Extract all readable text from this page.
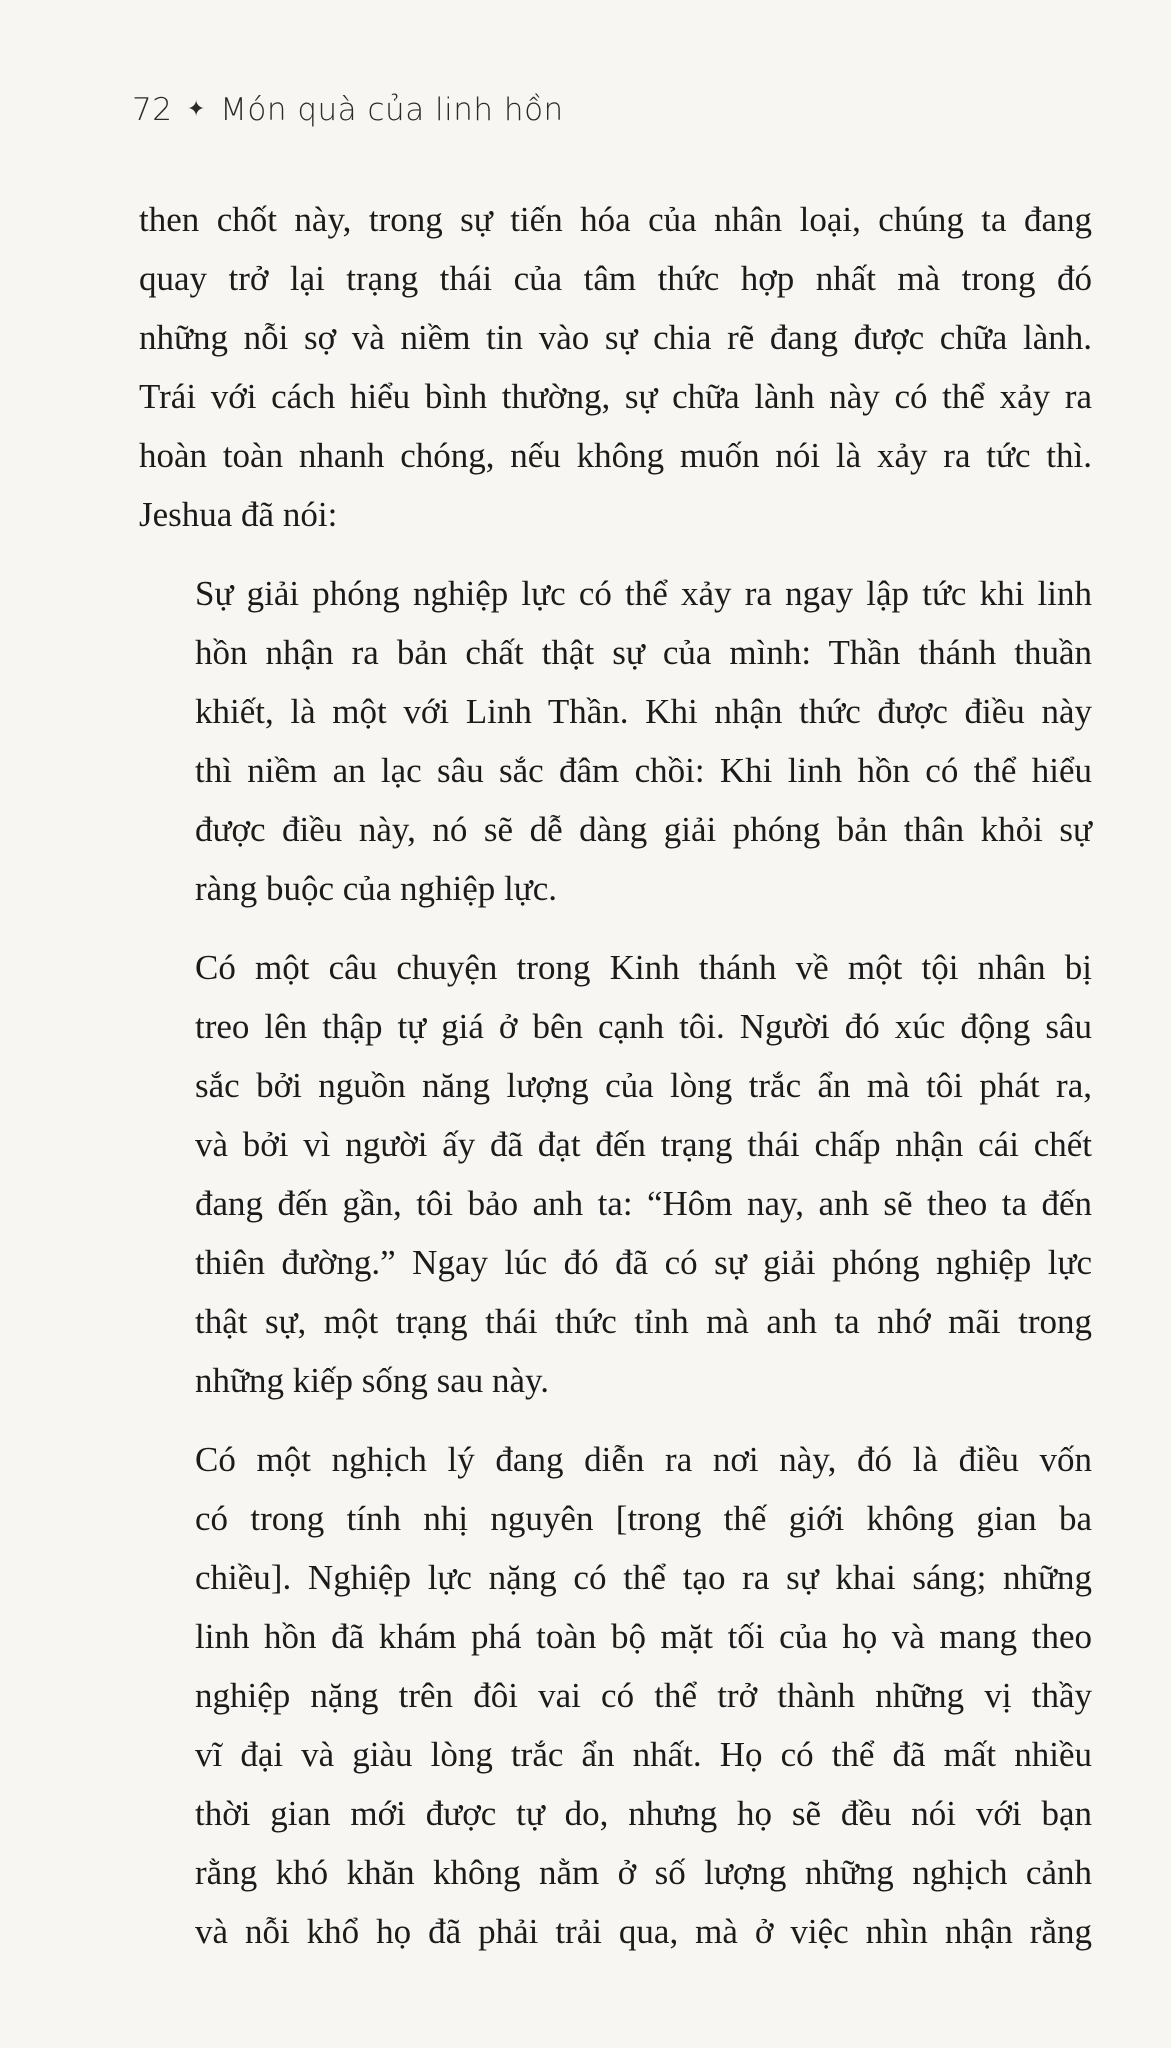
72 ✦ Món quà của linh hồn

then chốt này, trong sự tiến hóa của nhân loại, chúng ta đang
quay trở lại trạng thái của tâm thức hợp nhất mà trong đó
những nỗi sợ và niềm tin vào sự chia rẽ đang được chữa lành.
Trái với cách hiểu bình thường, sự chữa lành này có thể xảy ra
hoàn toàn nhanh chóng, nếu không muốn nói là xảy ra tức thì.
Jeshua đã nói:

Sự giải phóng nghiệp lực có thể xảy ra ngay lập tức khi linh
hồn nhận ra bản chất thật sự của mình: Thần thánh thuần
khiết, là một với Linh Thần. Khi nhận thức được điều này
thì niềm an lạc sâu sắc đâm chồi: Khi linh hồn có thể hiểu
được điều này, nó sẽ dễ dàng giải phóng bản thân khỏi sự
ràng buộc của nghiệp lực.

Có một câu chuyện trong Kinh thánh về một tội nhân bị
treo lên thập tự giá ở bên cạnh tôi. Người đó xúc động sâu
sắc bởi nguồn năng lượng của lòng trắc ẩn mà tôi phát ra,
và bởi vì người ấy đã đạt đến trạng thái chấp nhận cái chết
đang đến gần, tôi bảo anh ta: “Hôm nay, anh sẽ theo ta đến
thiên đường.” Ngay lúc đó đã có sự giải phóng nghiệp lực
thật sự, một trạng thái thức tỉnh mà anh ta nhớ mãi trong
những kiếp sống sau này.

Có một nghịch lý đang diễn ra nơi này, đó là điều vốn
có trong tính nhị nguyên [trong thế giới không gian ba
chiều]. Nghiệp lực nặng có thể tạo ra sự khai sáng; những
linh hồn đã khám phá toàn bộ mặt tối của họ và mang theo
nghiệp nặng trên đôi vai có thể trở thành những vị thầy
vĩ đại và giàu lòng trắc ẩn nhất. Họ có thể đã mất nhiều
thời gian mới được tự do, nhưng họ sẽ đều nói với bạn
rằng khó khăn không nằm ở số lượng những nghịch cảnh
và nỗi khổ họ đã phải trải qua, mà ở việc nhìn nhận rằng
